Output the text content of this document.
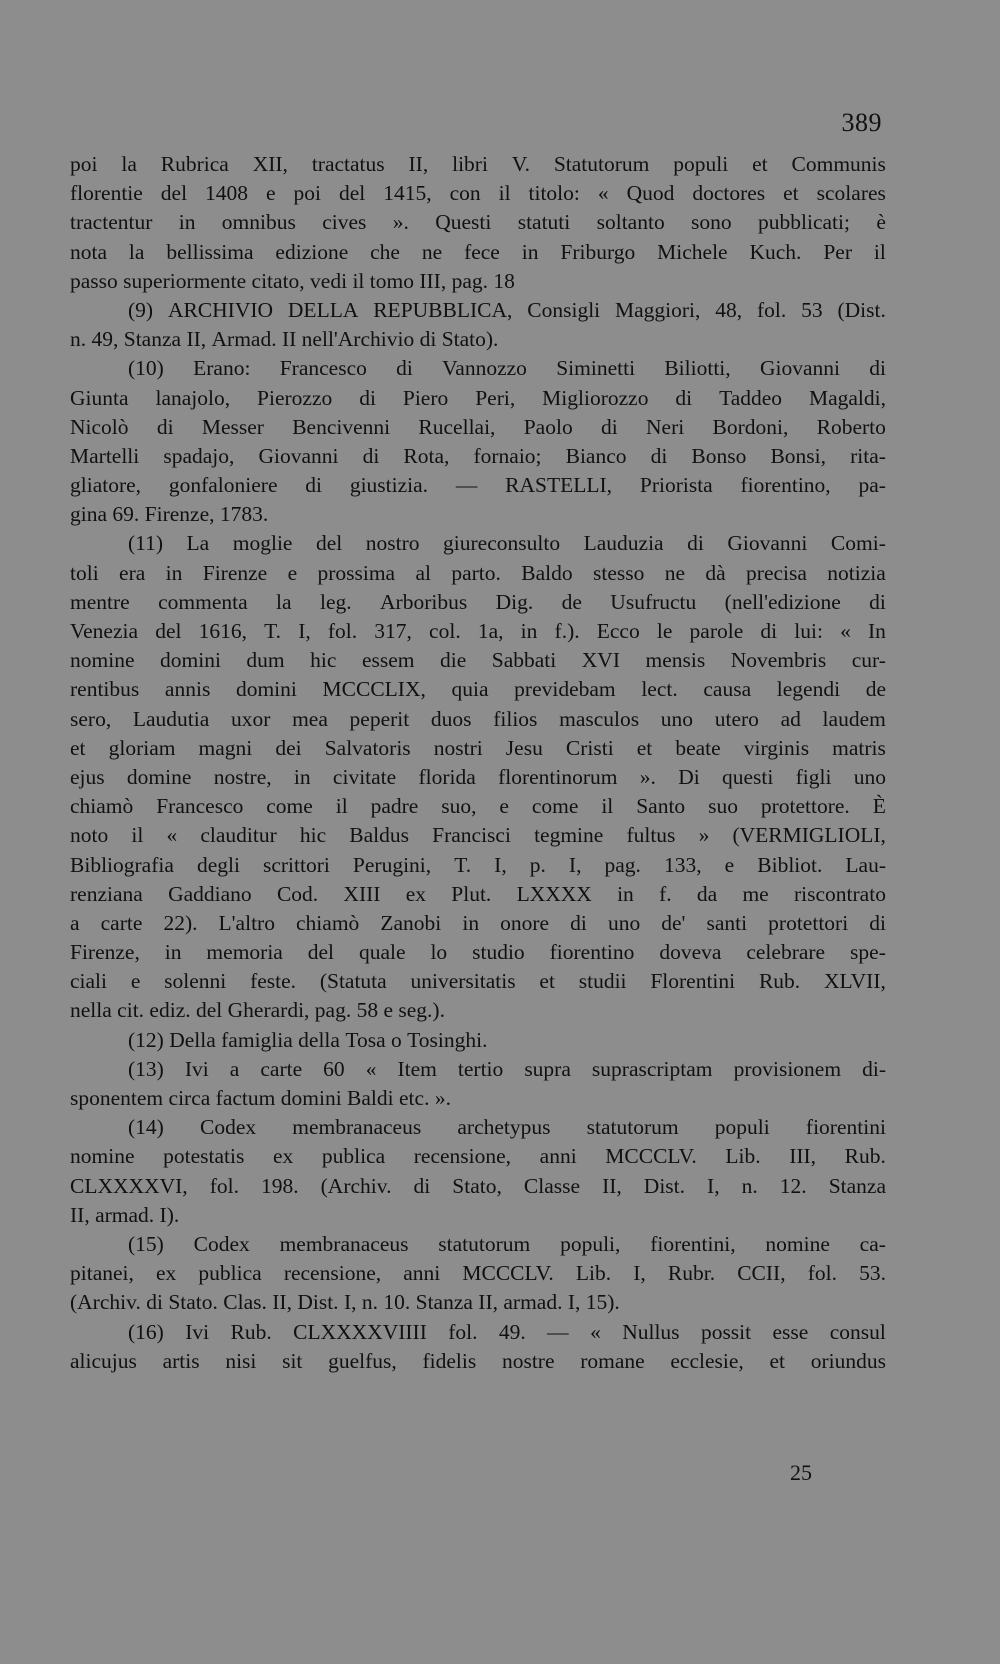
389
poi la Rubrica XII, tractatus II, libri V. Statutorum populi et Communis
florentie del 1408 e poi del 1415, con il titolo: « Quod doctores et scolares
tractentur in omnibus cives ». Questi statuti soltanto sono pubblicati; è
nota la bellissima edizione che ne fece in Friburgo Michele Kuch. Per il
passo superiormente citato, vedi il tomo III, pag. 18
(9) ARCHIVIO DELLA REPUBBLICA, Consigli Maggiori, 48, fol. 53 (Dist.
n. 49, Stanza II, Armad. II nell'Archivio di Stato).
(10) Erano: Francesco di Vannozzo Siminetti Biliotti, Giovanni di
Giunta lanajolo, Pierozzo di Piero Peri, Migliorozzo di Taddeo Magaldi,
Nicolò di Messer Bencivenni Rucellai, Paolo di Neri Bordoni, Roberto
Martelli spadajo, Giovanni di Rota, fornaio; Bianco di Bonso Bonsi, rita-
gliatore, gonfaloniere di giustizia. — RASTELLI, Priorista fiorentino, pa-
gina 69. Firenze, 1783.
(11) La moglie del nostro giureconsulto Lauduzia di Giovanni Comi-
toli era in Firenze e prossima al parto. Baldo stesso ne dà precisa notizia
mentre commenta la leg. Arboribus Dig. de Usufructu (nell'edizione di
Venezia del 1616, T. I, fol. 317, col. 1a, in f.). Ecco le parole di lui: « In
nomine domini dum hic essem die Sabbati XVI mensis Novembris cur-
rentibus annis domini MCCCLIX, quia previdebam lect. causa legendi de
sero, Laudutia uxor mea peperit duos filios masculos uno utero ad laudem
et gloriam magni dei Salvatoris nostri Jesu Cristi et beate virginis matris
ejus domine nostre, in civitate florida florentinorum ». Di questi figli uno
chiamò Francesco come il padre suo, e come il Santo suo protettore. È
noto il « clauditur hic Baldus Francisci tegmine fultus » (VERMIGLIOLI,
Bibliografia degli scrittori Perugini, T. I, p. I, pag. 133, e Bibliot. Lau-
renziana Gaddiano Cod. XIII ex Plut. LXXXX in f. da me riscontrato
a carte 22). L'altro chiamò Zanobi in onore di uno de' santi protettori di
Firenze, in memoria del quale lo studio fiorentino doveva celebrare spe-
ciali e solenni feste. (Statuta universitatis et studii Florentini Rub. XLVII,
nella cit. ediz. del Gherardi, pag. 58 e seg.).
(12) Della famiglia della Tosa o Tosinghi.
(13) Ivi a carte 60 « Item tertio supra suprascriptam provisionem di-
sponentem circa factum domini Baldi etc. ».
(14) Codex membranaceus archetypus statutorum populi fiorentini
nomine potestatis ex publica recensione, anni MCCCLV. Lib. III, Rub.
CLXXXXVI, fol. 198. (Archiv. di Stato, Classe II, Dist. I, n. 12. Stanza
II, armad. I).
(15) Codex membranaceus statutorum populi, fiorentini, nomine ca-
pitanei, ex publica recensione, anni MCCCLV. Lib. I, Rubr. CCII, fol. 53.
(Archiv. di Stato. Clas. II, Dist. I, n. 10. Stanza II, armad. I, 15).
(16) Ivi Rub. CLXXXXVIIII fol. 49. — « Nullus possit esse consul
alicujus artis nisi sit guelfus, fidelis nostre romane ecclesie, et oriundus
25
